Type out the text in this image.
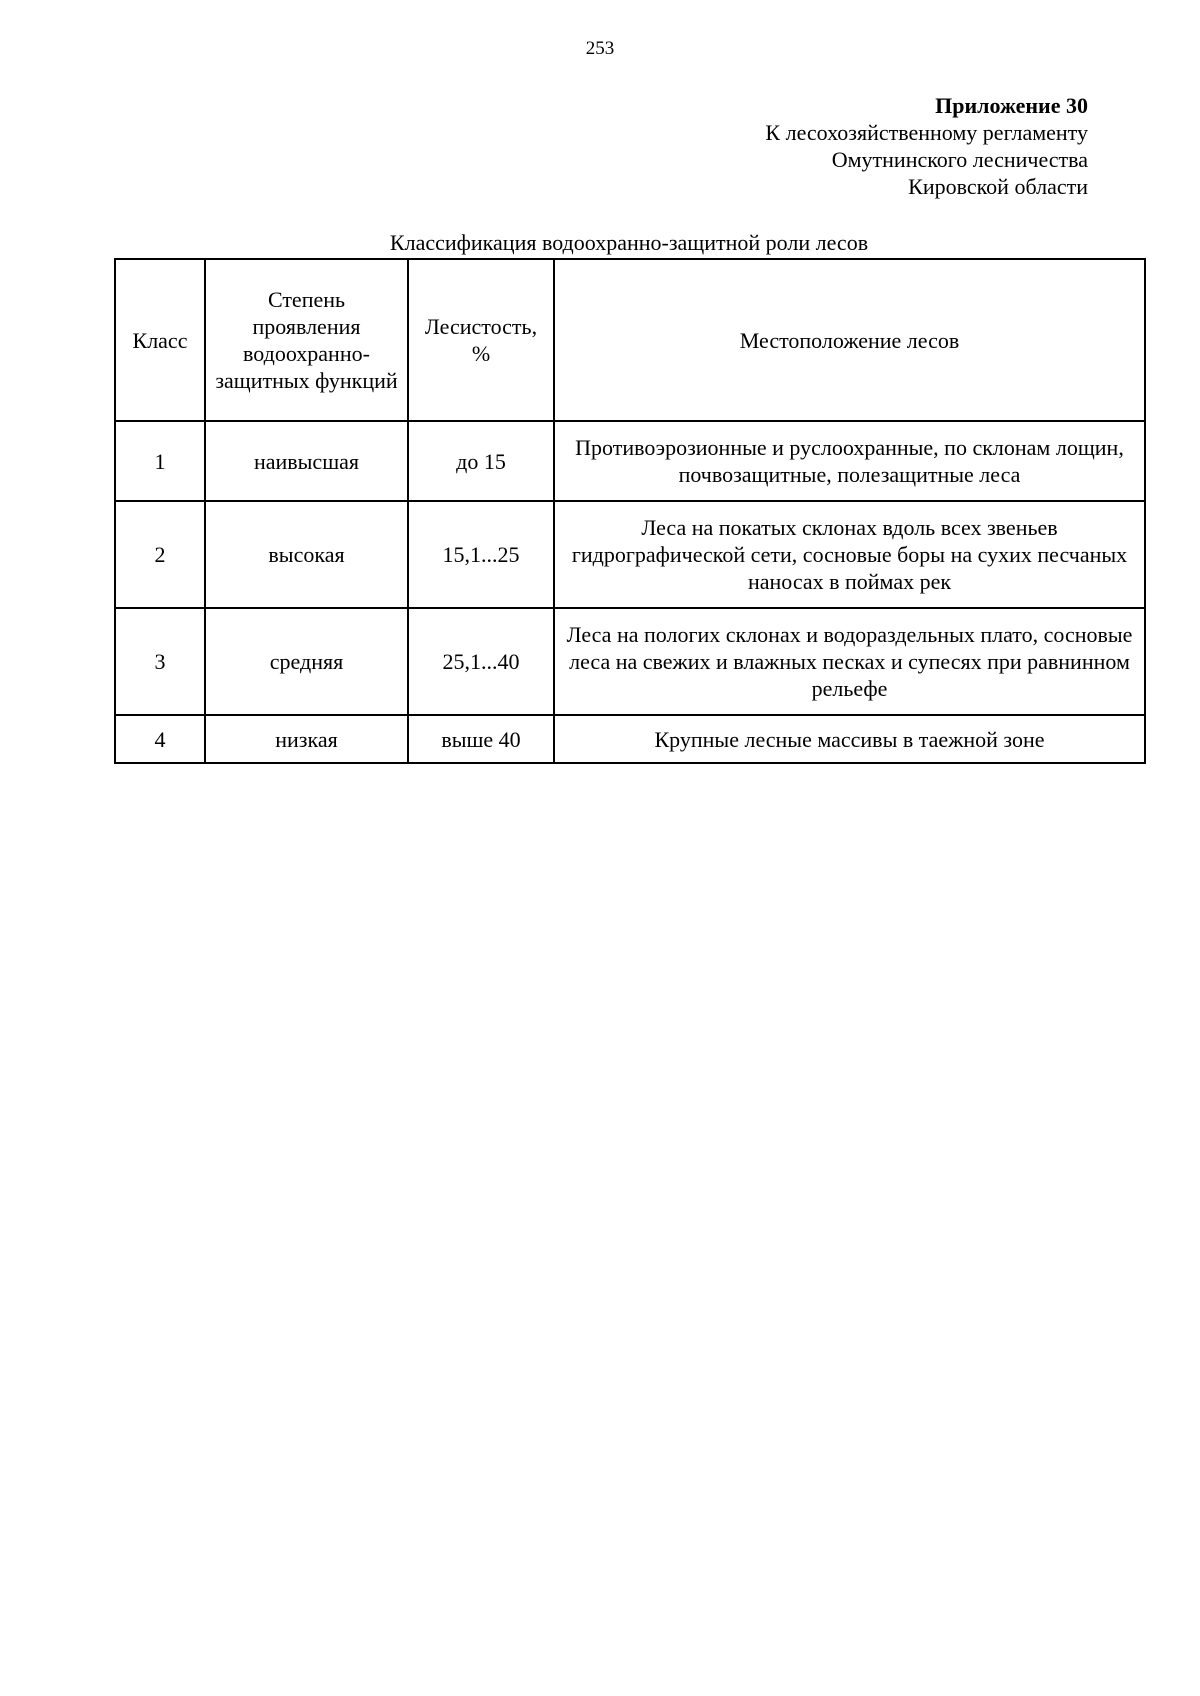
253
Приложение 30
К лесохозяйственному регламенту
Омутнинского лесничества
Кировской области
Классификация водоохранно-защитной роли лесов
Класс	Степень проявления водоохранно-защитных функций	Лесистость, %	Местоположение лесов
1	наивысшая	до 15	Противоэрозионные и руслоохранные, по склонам лощин, почвозащитные, полезащитные леса
2	высокая	15,1...25	Леса на покатых склонах вдоль всех звеньев гидрографической сети, сосновые боры на сухих песчаных наносах в поймах рек
3	средняя	25,1...40	Леса на пологих склонах и водораздельных плато, сосновые леса на свежих и влажных песках и супесях при равнинном рельефе
4	низкая	выше 40	Крупные лесные массивы в таежной зоне
